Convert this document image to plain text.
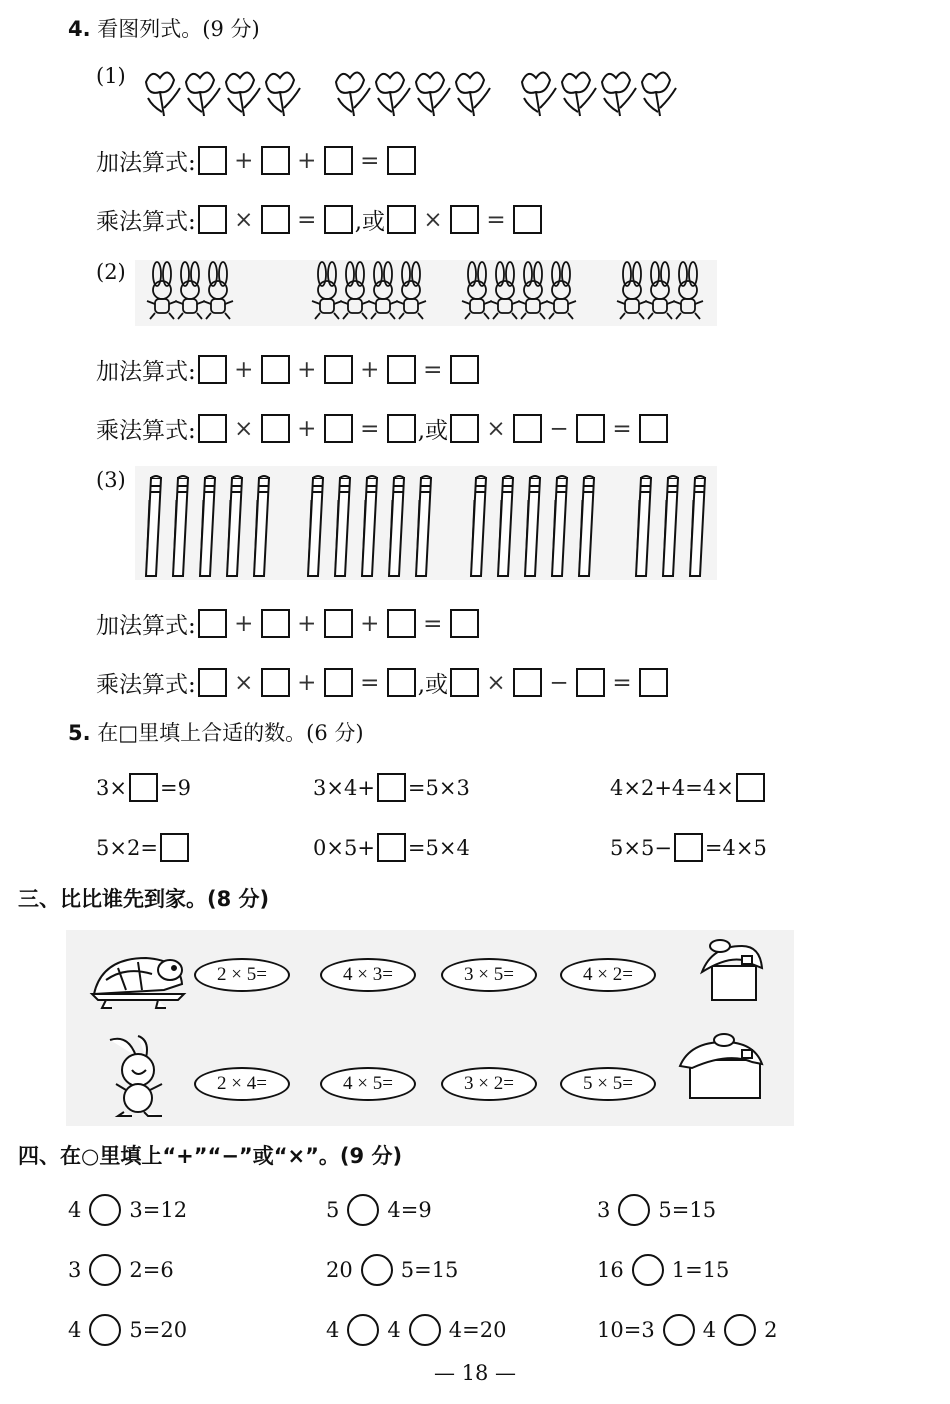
4. 看图列式。(9 分)
(1)
加法算式: + + =
乘法算式: × = ,或 × =
(2)
加法算式: + + + =
乘法算式: × + = ,或 × − =
(3)
加法算式: + + + =
乘法算式: × + = ,或 × − =
5. 在□里填上合适的数。(6 分)
3× =9	3×4+ =5×3	4×2+4=4×
5×2=	0×5+ =5×4	5×5− =4×5
三、比比谁先到家。(8 分)
2 × 5=	4 × 3=	3 × 5=	4 × 2=
2 × 4=	4 × 5=	3 × 2=	5 × 5=
四、在○里填上“+”“−”或“×”。(9 分)
4 3=12	5 4=9	3 5=15
3 2=6	20 5=15	16 1=15
4 5=20	4 4 4=20	10=3 4 2
— 18 —
